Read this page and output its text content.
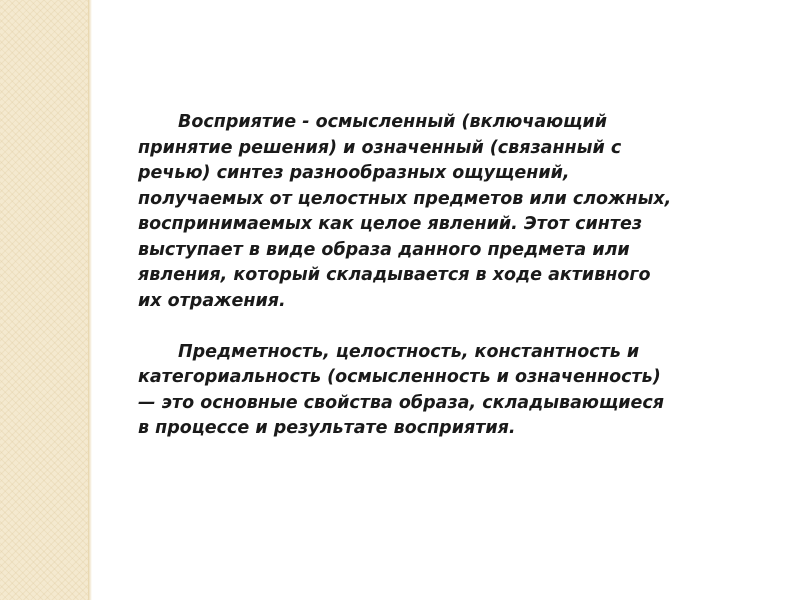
Восприятие - осмысленный (включающий принятие решения) и означенный (связанный с речью) синтез разнообразных ощущений, получаемых от целостных предметов или сложных, воспринимаемых как целое явлений. Этот синтез выступает в виде образа данного предмета или явления, который складывается в ходе активного их отражения.

Предметность, целостность, константность и категориальность (осмысленность и означенность) — это основные свойства образа, складывающиеся в процессе и результате восприятия.
